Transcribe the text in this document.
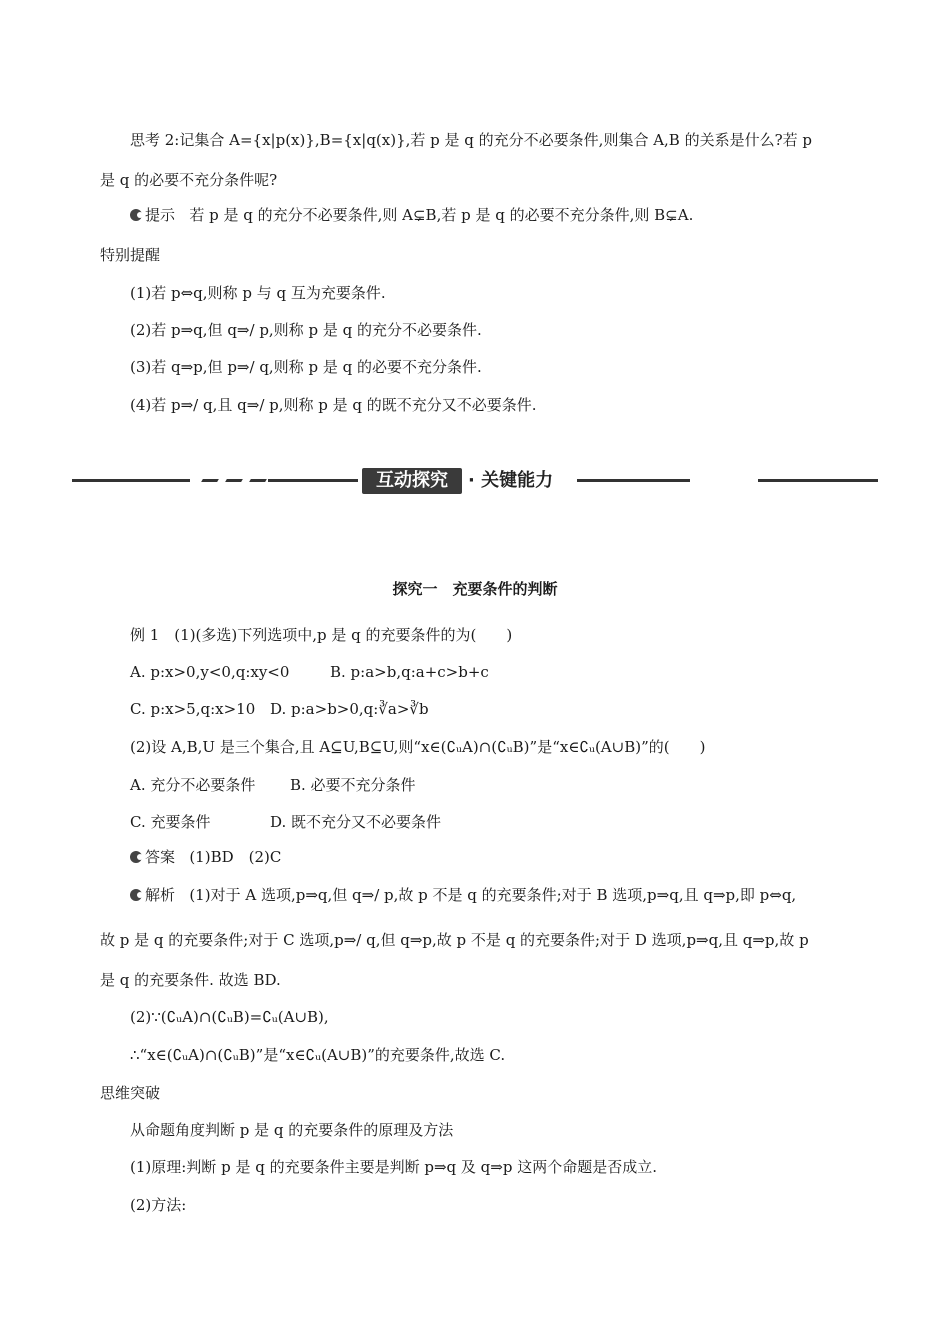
思考 2:记集合 A={x|p(x)},B={x|q(x)},若 p 是 q 的充分不必要条件,则集合 A,B 的关系是什么?若 p
是 q 的必要不充分条件呢?
提示 若 p 是 q 的充分不必要条件,则 A⊊B,若 p 是 q 的必要不充分条件,则 B⊊A.
特别提醒
(1)若 p⇔q,则称 p 与 q 互为充要条件.
(2)若 p⇒q,但 q⇒/ p,则称 p 是 q 的充分不必要条件.
(3)若 q⇒p,但 p⇒/ q,则称 p 是 q 的必要不充分条件.
(4)若 p⇒/ q,且 q⇒/ p,则称 p 是 q 的既不充分又不必要条件.
互动探究	· 关键能力
探究一　充要条件的判断
例 1　(1)(多选)下列选项中,p 是 q 的充要条件的为(　　)
A. p:x>0,y<0,q:xy<0	B. p:a>b,q:a+c>b+c
C. p:x>5,q:x>10 D. p:a>b>0,q:∛a>∛b
(2)设 A,B,U 是三个集合,且 A⊆U,B⊆U,则“x∈(∁ᵤA)∩(∁ᵤB)”是“x∈∁ᵤ(A∪B)”的(　　)
A. 充分不必要条件 B. 必要不充分条件
C. 充要条件	D. 既不充分又不必要条件
答案 (1)BD　(2)C
解析 (1)对于 A 选项,p⇒q,但 q⇒/ p,故 p 不是 q 的充要条件;对于 B 选项,p⇒q,且 q⇒p,即 p⇔q,
故 p 是 q 的充要条件;对于 C 选项,p⇒/ q,但 q⇒p,故 p 不是 q 的充要条件;对于 D 选项,p⇒q,且 q⇒p,故 p
是 q 的充要条件. 故选 BD.
(2)∵(∁ᵤA)∩(∁ᵤB)=∁ᵤ(A∪B),
∴“x∈(∁ᵤA)∩(∁ᵤB)”是“x∈∁ᵤ(A∪B)”的充要条件,故选 C.
思维突破
从命题角度判断 p 是 q 的充要条件的原理及方法
(1)原理:判断 p 是 q 的充要条件主要是判断 p⇒q 及 q⇒p 这两个命题是否成立.
(2)方法:
